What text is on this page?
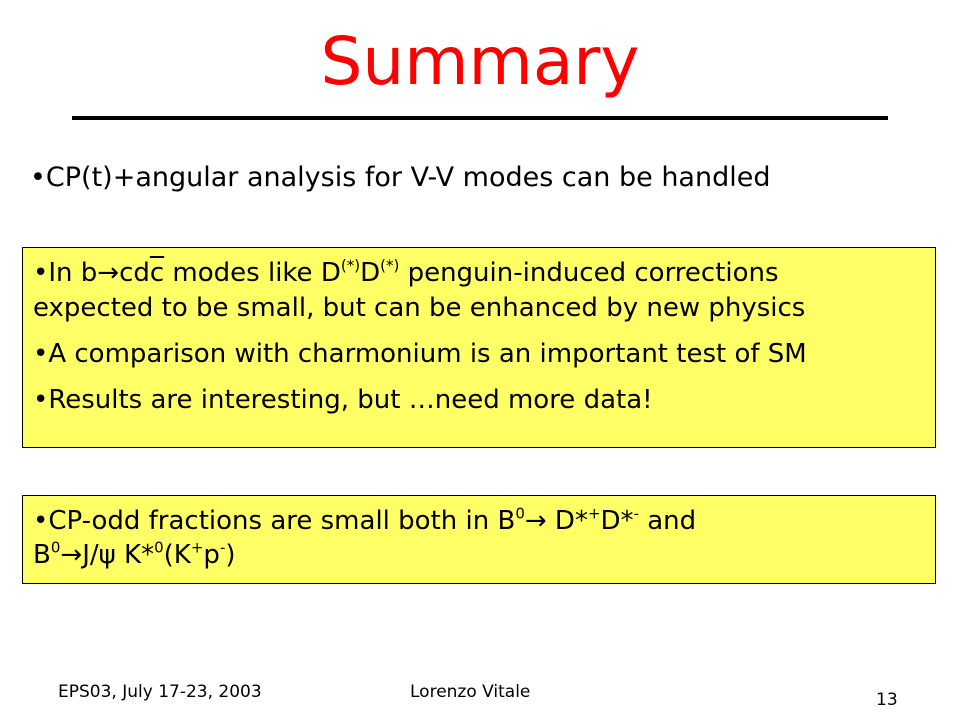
Summary
•CP(t)+angular analysis for V-V modes can be handled

•In $b\to cd\overline{c}$ modes like D(*)D(*) penguin-induced corrections
expected to be small, but can be enhanced by new physics

•A comparison with charmonium is an important test of SM

•Results are interesting, but …need more data!

•CP-odd fractions are small both in $B^0\to D*^+D*^-$ and
$B^0\to J/\psi$ K*$^0$(K+p-)

EPS03, July 17-23, 2003	Lorenzo Vitale	13
